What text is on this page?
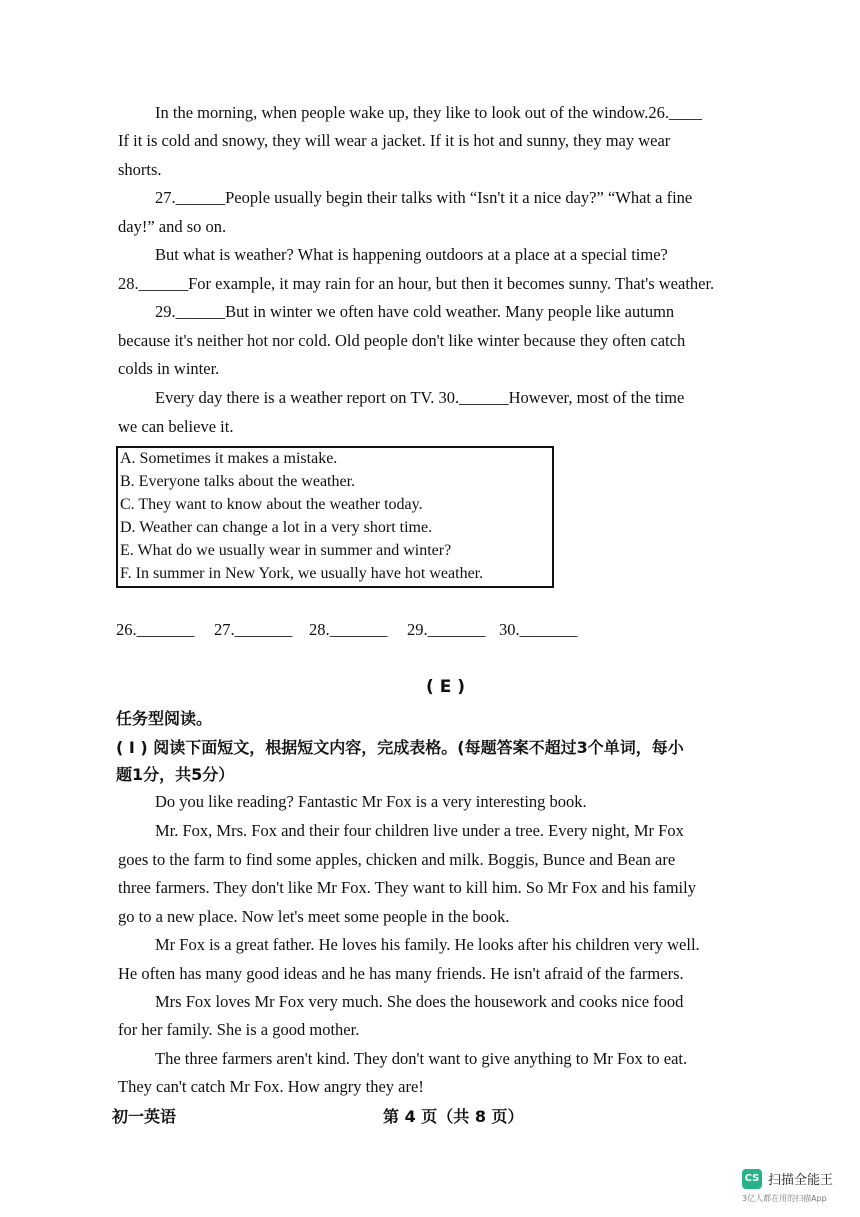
In the morning, when people wake up, they like to look out of the window.26.____
If it is cold and snowy, they will wear a jacket. If it is hot and sunny, they may wear
shorts.
27.______People usually begin their talks with “Isn't it a nice day?” “What a fine
day!” and so on.
But what is weather? What is happening outdoors at a place at a special time?
28.______For example, it may rain for an hour, but then it becomes sunny. That's weather.
29.______But in winter we often have cold weather. Many people like autumn
because it's neither hot nor cold. Old people don't like winter because they often catch
colds in winter.
Every day there is a weather report on TV. 30.______However, most of the time
we can believe it.
A. Sometimes it makes a mistake.
B. Everyone talks about the weather.
C. They want to know about the weather today.
D. Weather can change a lot in a very short time.
E. What do we usually wear in summer and winter?
F. In summer in New York, we usually have hot weather.
26._______ 27._______ 28._______ 29._______ 30._______
( E )
任务型阅读。
( I ) 阅读下面短文，根据短文内容，完成表格。(每题答案不超过3个单词，每小
题1分，共5分）
Do you like reading? Fantastic Mr Fox is a very interesting book.
Mr. Fox, Mrs. Fox and their four children live under a tree. Every night, Mr Fox
goes to the farm to find some apples, chicken and milk. Boggis, Bunce and Bean are
three farmers. They don't like Mr Fox. They want to kill him. So Mr Fox and his family
go to a new place. Now let's meet some people in the book.
Mr Fox is a great father. He loves his family. He looks after his children very well.
He often has many good ideas and he has many friends. He isn't afraid of the farmers.
Mrs Fox loves Mr Fox very much. She does the housework and cooks nice food
for her family. She is a good mother.
The three farmers aren't kind. They don't want to give anything to Mr Fox to eat.
They can't catch Mr Fox. How angry they are!
初一英语	第 4 页（共 8 页）
CS 扫描全能王
3亿人都在用的扫描App
